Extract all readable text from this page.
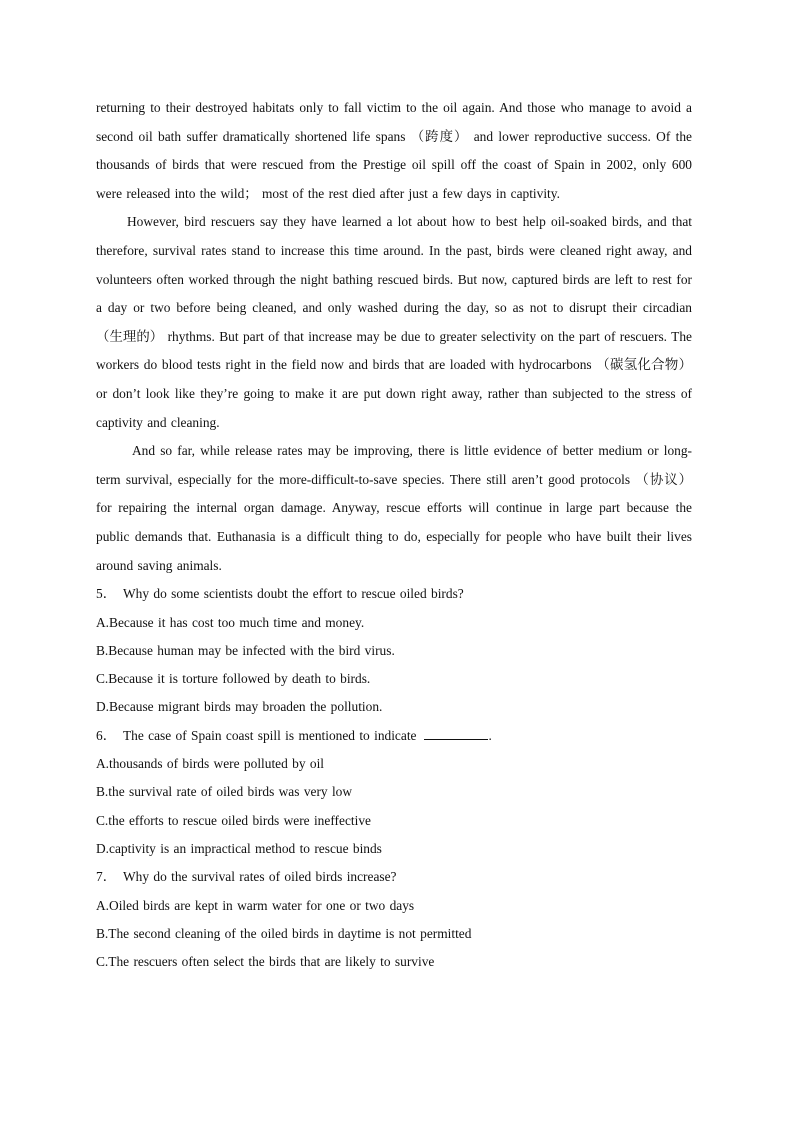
returning to their destroyed habitats only to fall victim to the oil again. And those who manage to avoid a second oil bath suffer dramatically shortened life spans （跨度） and lower reproductive success. Of the thousands of birds that were rescued from the Prestige oil spill off the coast of Spain in 2002, only 600 were released into the wild； most of the rest died after just a few days in captivity.

However, bird rescuers say they have learned a lot about how to best help oil-soaked birds, and that therefore, survival rates stand to increase this time around. In the past, birds were cleaned right away, and volunteers often worked through the night bathing rescued birds. But now, captured birds are left to rest for a day or two before being cleaned, and only washed during the day, so as not to disrupt their circadian （生理的） rhythms. But part of that increase may be due to greater selectivity on the part of rescuers. The workers do blood tests right in the field now and birds that are loaded with hydrocarbons （碳氢化合物） or don’t look like they’re going to make it are put down right away, rather than subjected to the stress of captivity and cleaning.

And so far, while release rates may be improving, there is little evidence of better medium or long-term survival, especially for the more-difficult-to-save species. There still aren’t good protocols （协议） for repairing the internal organ damage. Anyway, rescue efforts will continue in large part because the public demands that. Euthanasia is a difficult thing to do, especially for people who have built their lives around saving animals.

5． Why do some scientists doubt the effort to rescue oiled birds?

A.Because it has cost too much time and money.

B.Because human may be infected with the bird virus.

C.Because it is torture followed by death to birds.

D.Because migrant birds may broaden the pollution.

6． The case of Spain coast spill is mentioned to indicate	.

A.thousands of birds were polluted by oil

B.the survival rate of oiled birds was very low

C.the efforts to rescue oiled birds were ineffective

D.captivity is an impractical method to rescue binds

7． Why do the survival rates of oiled birds increase?

A.Oiled birds are kept in warm water for one or two days

B.The second cleaning of the oiled birds in daytime is not permitted

C.The rescuers often select the birds that are likely to survive
